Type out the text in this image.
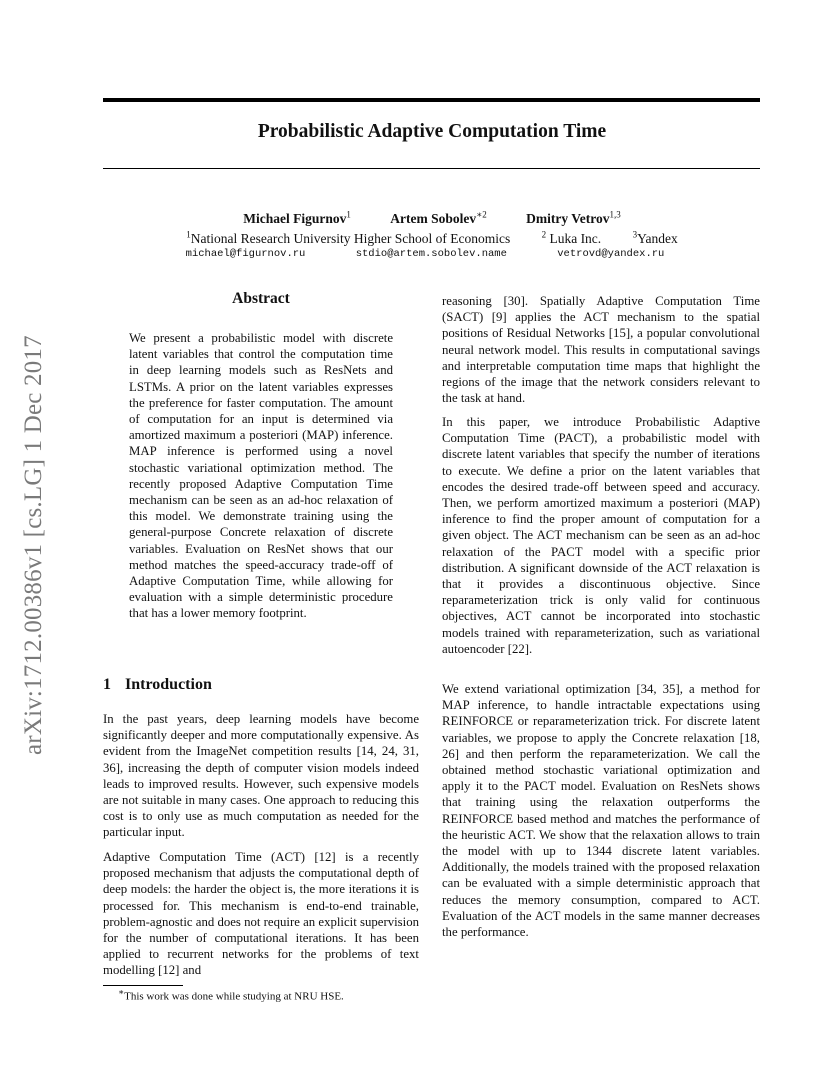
Probabilistic Adaptive Computation Time
Michael Figurnov$^1$	Artem Sobolev$^{∗2}$	Dmitry Vetrov$^{1,3}$
$^1$National Research University Higher School of Economics	$^2$ Luka Inc.	$^3$Yandex
michael@figurnov.ru	stdio@artem.sobolev.name	vetrovd@yandex.ru
arXiv:1712.00386v1 [cs.LG] 1 Dec 2017
Abstract

We present a probabilistic model with discrete latent variables that control the computation time in deep learning models such as ResNets and LSTMs. A prior on the latent variables expresses the preference for faster computation. The amount of computation for an input is determined via amortized maximum a posteriori (MAP) inference. MAP inference is performed using a novel stochastic variational optimization method. The recently proposed Adaptive Computation Time mechanism can be seen as an ad-hoc relaxation of this model. We demonstrate training using the general-purpose Concrete relaxation of discrete variables. Evaluation on ResNet shows that our method matches the speed-accuracy trade-off of Adaptive Computation Time, while allowing for evaluation with a simple deterministic procedure that has a lower memory footprint.

1 Introduction

In the past years, deep learning models have become significantly deeper and more computationally expensive. As evident from the ImageNet competition results [14, 24, 31, 36], increasing the depth of computer vision models indeed leads to improved results. However, such expensive models are not suitable in many cases. One approach to reducing this cost is to only use as much computation as needed for the particular input.

Adaptive Computation Time (ACT) [12] is a recently proposed mechanism that adjusts the computational depth of deep models: the harder the object is, the more iterations it is processed for. This mechanism is end-to-end trainable, problem-agnostic and does not require an explicit supervision for the number of computational iterations. It has been applied to recurrent networks for the problems of text modelling [12] and

reasoning [30]. Spatially Adaptive Computation Time (SACT) [9] applies the ACT mechanism to the spatial positions of Residual Networks [15], a popular convolutional neural network model. This results in computational savings and interpretable computation time maps that highlight the regions of the image that the network considers relevant to the task at hand.

In this paper, we introduce Probabilistic Adaptive Computation Time (PACT), a probabilistic model with discrete latent variables that specify the number of iterations to execute. We define a prior on the latent variables that encodes the desired trade-off between speed and accuracy. Then, we perform amortized maximum a posteriori (MAP) inference to find the proper amount of computation for a given object. The ACT mechanism can be seen as an ad-hoc relaxation of the PACT model with a specific prior distribution. A significant downside of the ACT relaxation is that it provides a discontinuous objective. Since reparameterization trick is only valid for continuous objectives, ACT cannot be incorporated into stochastic models trained with reparameterization, such as variational autoencoder [22].

We extend variational optimization [34, 35], a method for MAP inference, to handle intractable expectations using REINFORCE or reparameterization trick. For discrete latent variables, we propose to apply the Concrete relaxation [18, 26] and then perform the reparameterization. We call the obtained method stochastic variational optimization and apply it to the PACT model. Evaluation on ResNets shows that training using the relaxation outperforms the REINFORCE based method and matches the performance of the heuristic ACT. We show that the relaxation allows to train the model with up to 1344 discrete latent variables. Additionally, the models trained with the proposed relaxation can be evaluated with a simple deterministic approach that reduces the memory consumption, compared to ACT. Evaluation of the ACT models in the same manner decreases the performance.

∗This work was done while studying at NRU HSE.
